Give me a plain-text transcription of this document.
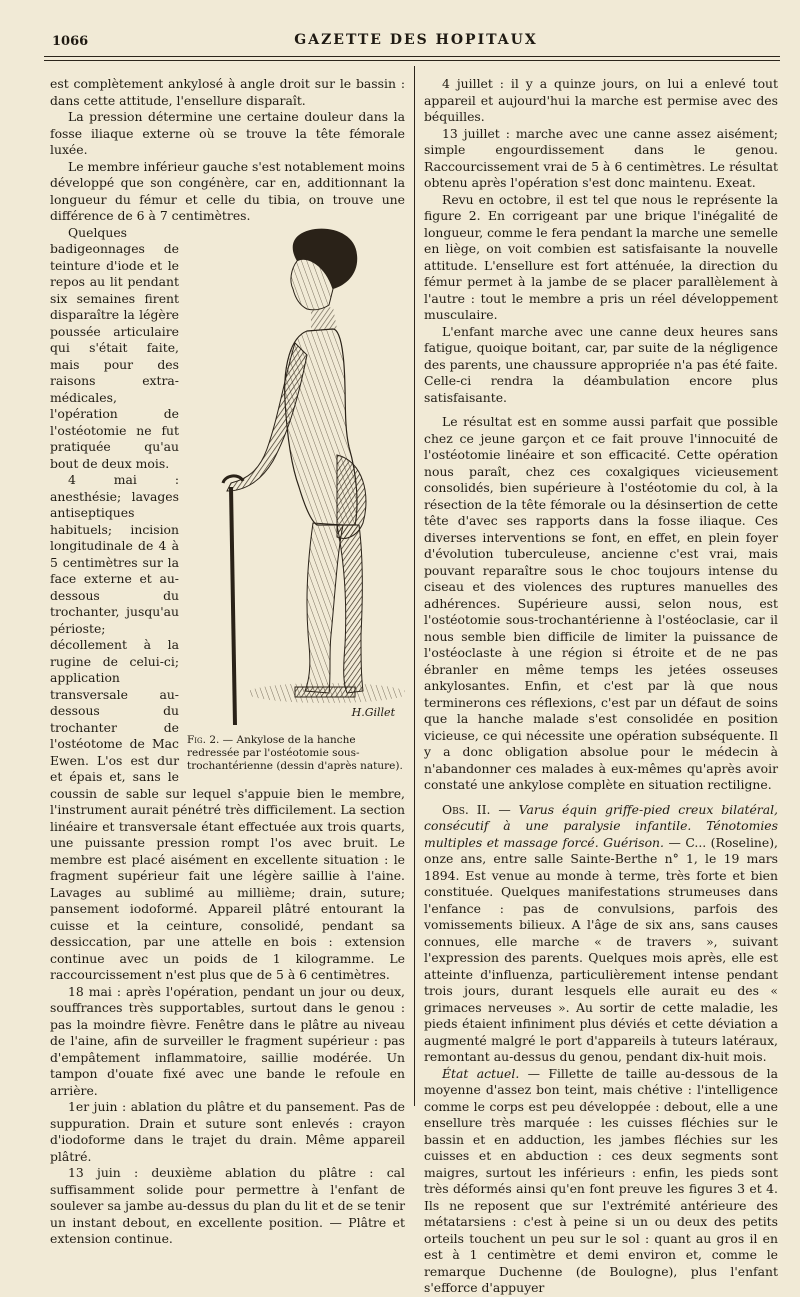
1066	GAZETTE DES HOPITAUX

est complètement ankylosé à angle droit sur le bassin : dans cette attitude, l'ensellure disparaît.

La pression détermine une certaine douleur dans la fosse iliaque externe où se trouve la tête fémorale luxée.

Le membre inférieur gauche s'est notablement moins développé que son congénère, car en, additionnant la longueur du fémur et celle du tibia, on trouve une différence de 6 à 7 centimètres.

H.Gillet
Fig. 2. — Ankylose de la hanche redressée par l'ostéotomie sous-trochantérienne (dessin d'après nature).

Quelques badigeonnages de teinture d'iode et le repos au lit pendant six semaines firent disparaître la légère poussée articulaire qui s'était faite, mais pour des raisons extra-médicales, l'opération de l'ostéotomie ne fut pratiquée qu'au bout de deux mois.

4 mai : anesthésie; lavages antiseptiques habituels; incision longitudinale de 4 à 5 centimètres sur la face externe et au-dessous du trochanter, jusqu'au périoste; décollement à la rugine de celui-ci; application transversale au-dessous du trochanter de l'ostéotome de Mac Ewen. L'os est dur et épais et, sans le coussin de sable sur lequel s'appuie bien le membre, l'instrument aurait pénétré très difficilement. La section linéaire et transversale étant effectuée aux trois quarts, une puissante pression rompt l'os avec bruit. Le membre est placé aisément en excellente situation : le fragment supérieur fait une légère saillie à l'aine. Lavages au sublimé au millième; drain, suture; pansement iodoformé. Appareil plâtré entourant la cuisse et la ceinture, consolidé, pendant sa dessiccation, par une attelle en bois : extension continue avec un poids de 1 kilogramme. Le raccourcissement n'est plus que de 5 à 6 centimètres.

18 mai : après l'opération, pendant un jour ou deux, souffrances très supportables, surtout dans le genou : pas la moindre fièvre. Fenêtre dans le plâtre au niveau de l'aine, afin de surveiller le fragment supérieur : pas d'empâtement inflammatoire, saillie modérée. Un tampon d'ouate fixé avec une bande le refoule en arrière.

1er juin : ablation du plâtre et du pansement. Pas de suppuration. Drain et suture sont enlevés : crayon d'iodoforme dans le trajet du drain. Même appareil plâtré.

13 juin : deuxième ablation du plâtre : cal suffisamment solide pour permettre à l'enfant de soulever sa jambe au-dessus du plan du lit et de se tenir un instant debout, en excellente position. — Plâtre et extension continue.

4 juillet : il y a quinze jours, on lui a enlevé tout appareil et aujourd'hui la marche est permise avec des béquilles.

13 juillet : marche avec une canne assez aisément; simple engourdissement dans le genou. Raccourcissement vrai de 5 à 6 centimètres. Le résultat obtenu après l'opération s'est donc maintenu. Exeat.

Revu en octobre, il est tel que nous le représente la figure 2. En corrigeant par une brique l'inégalité de longueur, comme le fera pendant la marche une semelle en liège, on voit combien est satisfaisante la nouvelle attitude. L'ensellure est fort atténuée, la direction du fémur permet à la jambe de se placer parallèlement à l'autre : tout le membre a pris un réel développement musculaire.

L'enfant marche avec une canne deux heures sans fatigue, quoique boitant, car, par suite de la négligence des parents, une chaussure appropriée n'a pas été faite. Celle-ci rendra la déambulation encore plus satisfaisante.

Le résultat est en somme aussi parfait que possible chez ce jeune garçon et ce fait prouve l'innocuité de l'ostéotomie linéaire et son efficacité. Cette opération nous paraît, chez ces coxalgiques vicieusement consolidés, bien supérieure à l'ostéotomie du col, à la résection de la tête fémorale ou la désinsertion de cette tête d'avec ses rapports dans la fosse iliaque. Ces diverses interventions se font, en effet, en plein foyer d'évolution tuberculeuse, ancienne c'est vrai, mais pouvant reparaître sous le choc toujours intense du ciseau et des violences des ruptures manuelles des adhérences. Supérieure aussi, selon nous, est l'ostéotomie sous-trochantérienne à l'ostéoclasie, car il nous semble bien difficile de limiter la puissance de l'ostéoclaste à une région si étroite et de ne pas ébranler en même temps les jetées osseuses ankylosantes. Enfin, et c'est par là que nous terminerons ces réflexions, c'est par un défaut de soins que la hanche malade s'est consolidée en position vicieuse, ce qui nécessite une opération subséquente. Il y a donc obligation absolue pour le médecin à n'abandonner ces malades à eux-mêmes qu'après avoir constaté une ankylose complète en situation rectiligne.

Obs. II. — Varus équin griffe-pied creux bilatéral, consécutif à une paralysie infantile. Ténotomies multiples et massage forcé. Guérison. — C... (Roseline), onze ans, entre salle Sainte-Berthe n° 1, le 19 mars 1894. Est venue au monde à terme, très forte et bien constituée. Quelques manifestations strumeuses dans l'enfance : pas de convulsions, parfois des vomissements bilieux. A l'âge de six ans, sans causes connues, elle marche « de travers », suivant l'expression des parents. Quelques mois après, elle est atteinte d'influenza, particulièrement intense pendant trois jours, durant lesquels elle aurait eu des « grimaces nerveuses ». Au sortir de cette maladie, les pieds étaient infiniment plus déviés et cette déviation a augmenté malgré le port d'appareils à tuteurs latéraux, remontant au-dessus du genou, pendant dix-huit mois.

État actuel. — Fillette de taille au-dessous de la moyenne d'assez bon teint, mais chétive : l'intelligence comme le corps est peu développée : debout, elle a une ensellure très marquée : les cuisses fléchies sur le bassin et en adduction, les jambes fléchies sur les cuisses et en abduction : ces deux segments sont maigres, surtout les inférieurs : enfin, les pieds sont très déformés ainsi qu'en font preuve les figures 3 et 4. Ils ne reposent que sur l'extrémité antérieure des métatarsiens : c'est à peine si un ou deux des petits orteils touchent un peu sur le sol : quant au gros il en est à 1 centimètre et demi environ et, comme le remarque Duchenne (de Boulogne), plus l'enfant s'efforce d'appuyer
